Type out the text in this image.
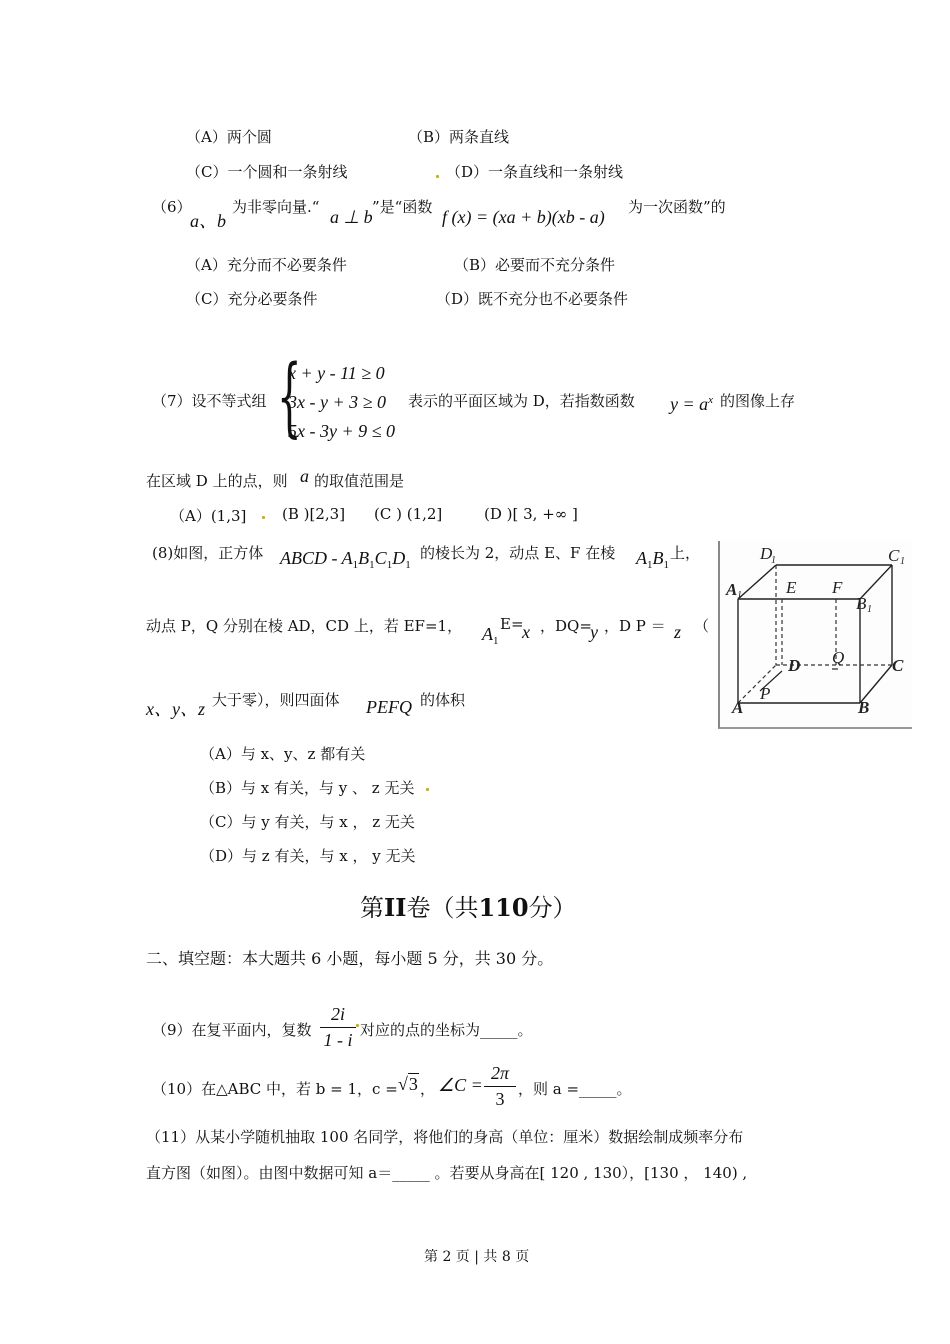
（A）两个圆	（B）两条直线
（C）一个圆和一条射线	（D）一条直线和一条射线
（6）
a、b
为非零向量.“ a ⊥ b ”是“函数 f (x) = (xa + b)(xb - a) 为一次函数”的
（A）充分而不必要条件	（B）必要而不充分条件
（C）充分必要条件	（D）既不充分也不必要条件
（7）设不等式组 {
x + y - 11 ≥ 0
3x - y + 3 ≥ 0
5x - 3y + 9 ≤ 0
表示的平面区域为 D，若指数函数 $y = a^x$ 的图像上存
在区域 D 上的点，则 a 的取值范围是
（A）(1,3] (B )[2,3] (C ) (1,2]	(D )[ 3, +∞ ]
(8)如图，正方体 ABCD - $A_1B_1C_1D_1$
的棱长为 2，动点 E、F 在棱 $A_1B_1$
上，
动点 P，Q 分别在棱 AD，CD 上，若 EF=1， $A_1$
E=
x ，DQ=
y ，D P ＝ z （
x、y、z 大于零），则四面体 PEFQ 的体积
（A）与 x、y、z 都有关
（B）与 x 有关，与 y 、 z 无关
（C）与 y 有关，与 x ， z 无关
（D）与 z 有关，与 x ， y 无关
D
1	C 1
A 1	E F
B 1
D Q	C
A
P
B
第II卷（共110分）
二、填空题：本大题共 6 小题，每小题 5 分，共 30 分。
（9）在复平面内，复数
2i
1 - i 对应的点的坐标为_____。
（10）在△ABC 中，若 b = 1，c = √3 ， ∠C =
2π
3 ，则 a =_____。
（11）从某小学随机抽取 100 名同学，将他们的身高（单位：厘米）数据绘制成频率分布
直方图（如图）。由图中数据可知 a＝_____ 。若要从身高在[ 120 , 130），[130 ， 140) ,
第 2 页 | 共 8 页
